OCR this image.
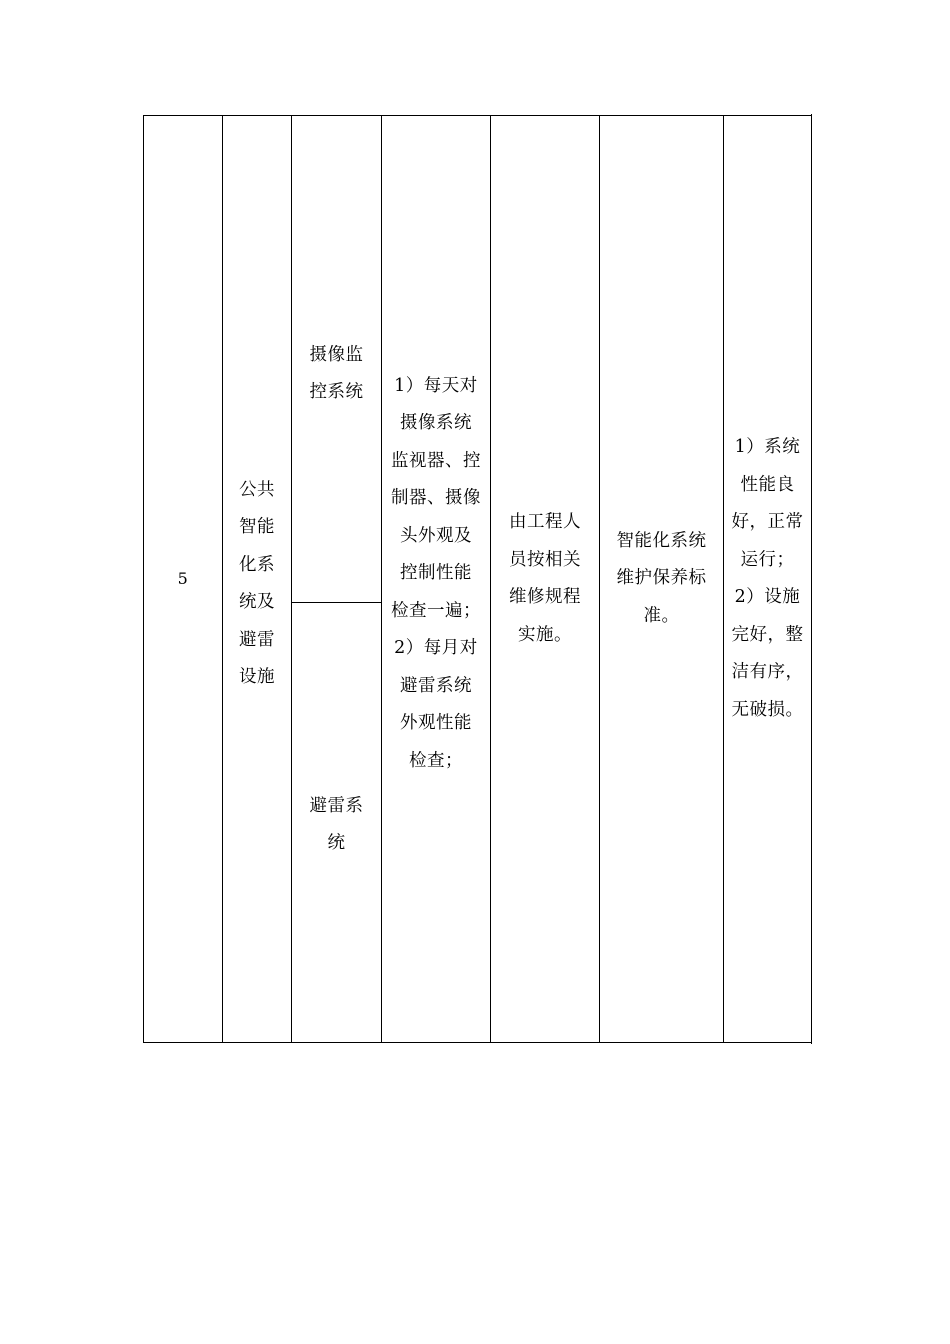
5
公共
智能
化系
统及
避雷
设施
摄像监
控系统
避雷系
统
1）每天对
摄像系统
监视器、控
制器、摄像
头外观及
控制性能
检查一遍；
2）每月对
避雷系统
外观性能
检查；
由工程人
员按相关
维修规程
实施。
智能化系统
维护保养标
准。
1）系统
性能良
好，正常
运行；
2）设施
完好，整
洁有序，
无破损。
